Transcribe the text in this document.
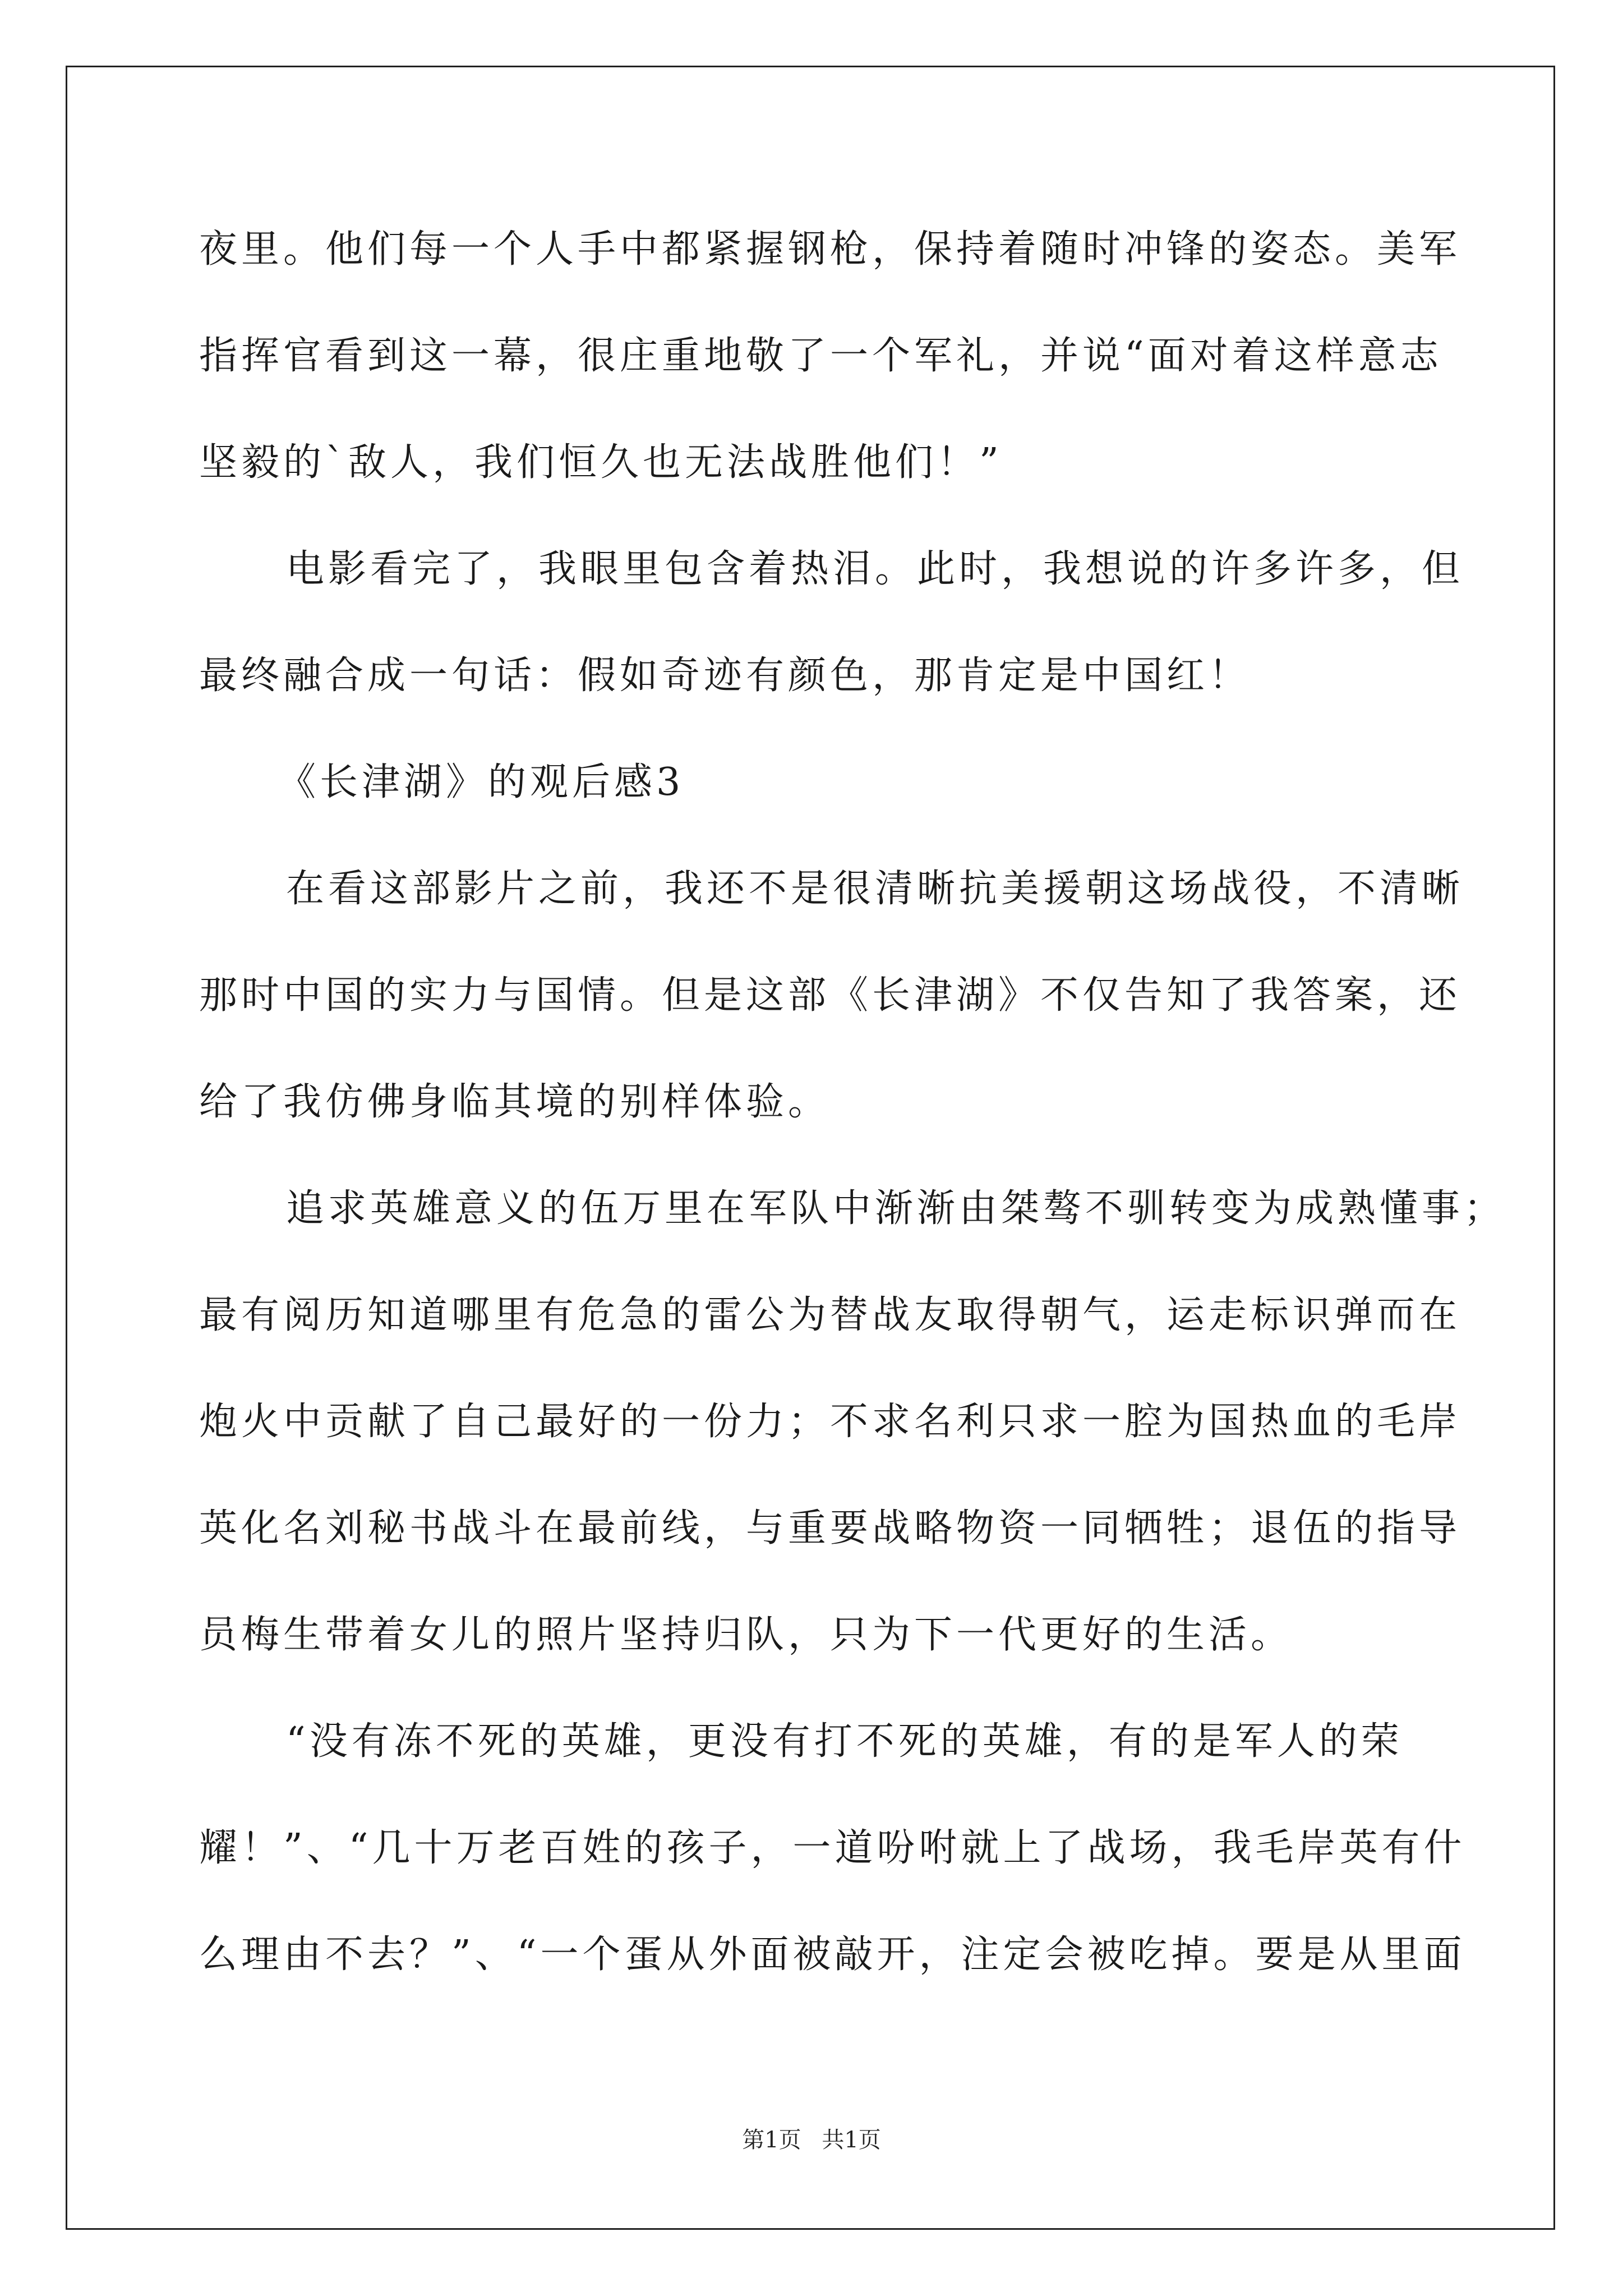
夜里。他们每一个人手中都紧握钢枪，保持着随时冲锋的姿态。美军
指挥官看到这一幕，很庄重地敬了一个军礼，并说“面对着这样意志
坚毅的`敌人，我们恒久也无法战胜他们！”
电影看完了，我眼里包含着热泪。此时，我想说的许多许多，但
最终融合成一句话：假如奇迹有颜色，那肯定是中国红！
《长津湖》的观后感3
在看这部影片之前，我还不是很清晰抗美援朝这场战役，不清晰
那时中国的实力与国情。但是这部《长津湖》不仅告知了我答案，还
给了我仿佛身临其境的别样体验。
追求英雄意义的伍万里在军队中渐渐由桀骜不驯转变为成熟懂事；
最有阅历知道哪里有危急的雷公为替战友取得朝气，运走标识弹而在
炮火中贡献了自己最好的一份力；不求名利只求一腔为国热血的毛岸
英化名刘秘书战斗在最前线，与重要战略物资一同牺牲；退伍的指导
员梅生带着女儿的照片坚持归队，只为下一代更好的生活。
“没有冻不死的英雄，更没有打不死的英雄，有的是军人的荣
耀！”、“几十万老百姓的孩子，一道吩咐就上了战场，我毛岸英有什
么理由不去？”、“一个蛋从外面被敲开，注定会被吃掉。要是从里面
第1页 共1页
